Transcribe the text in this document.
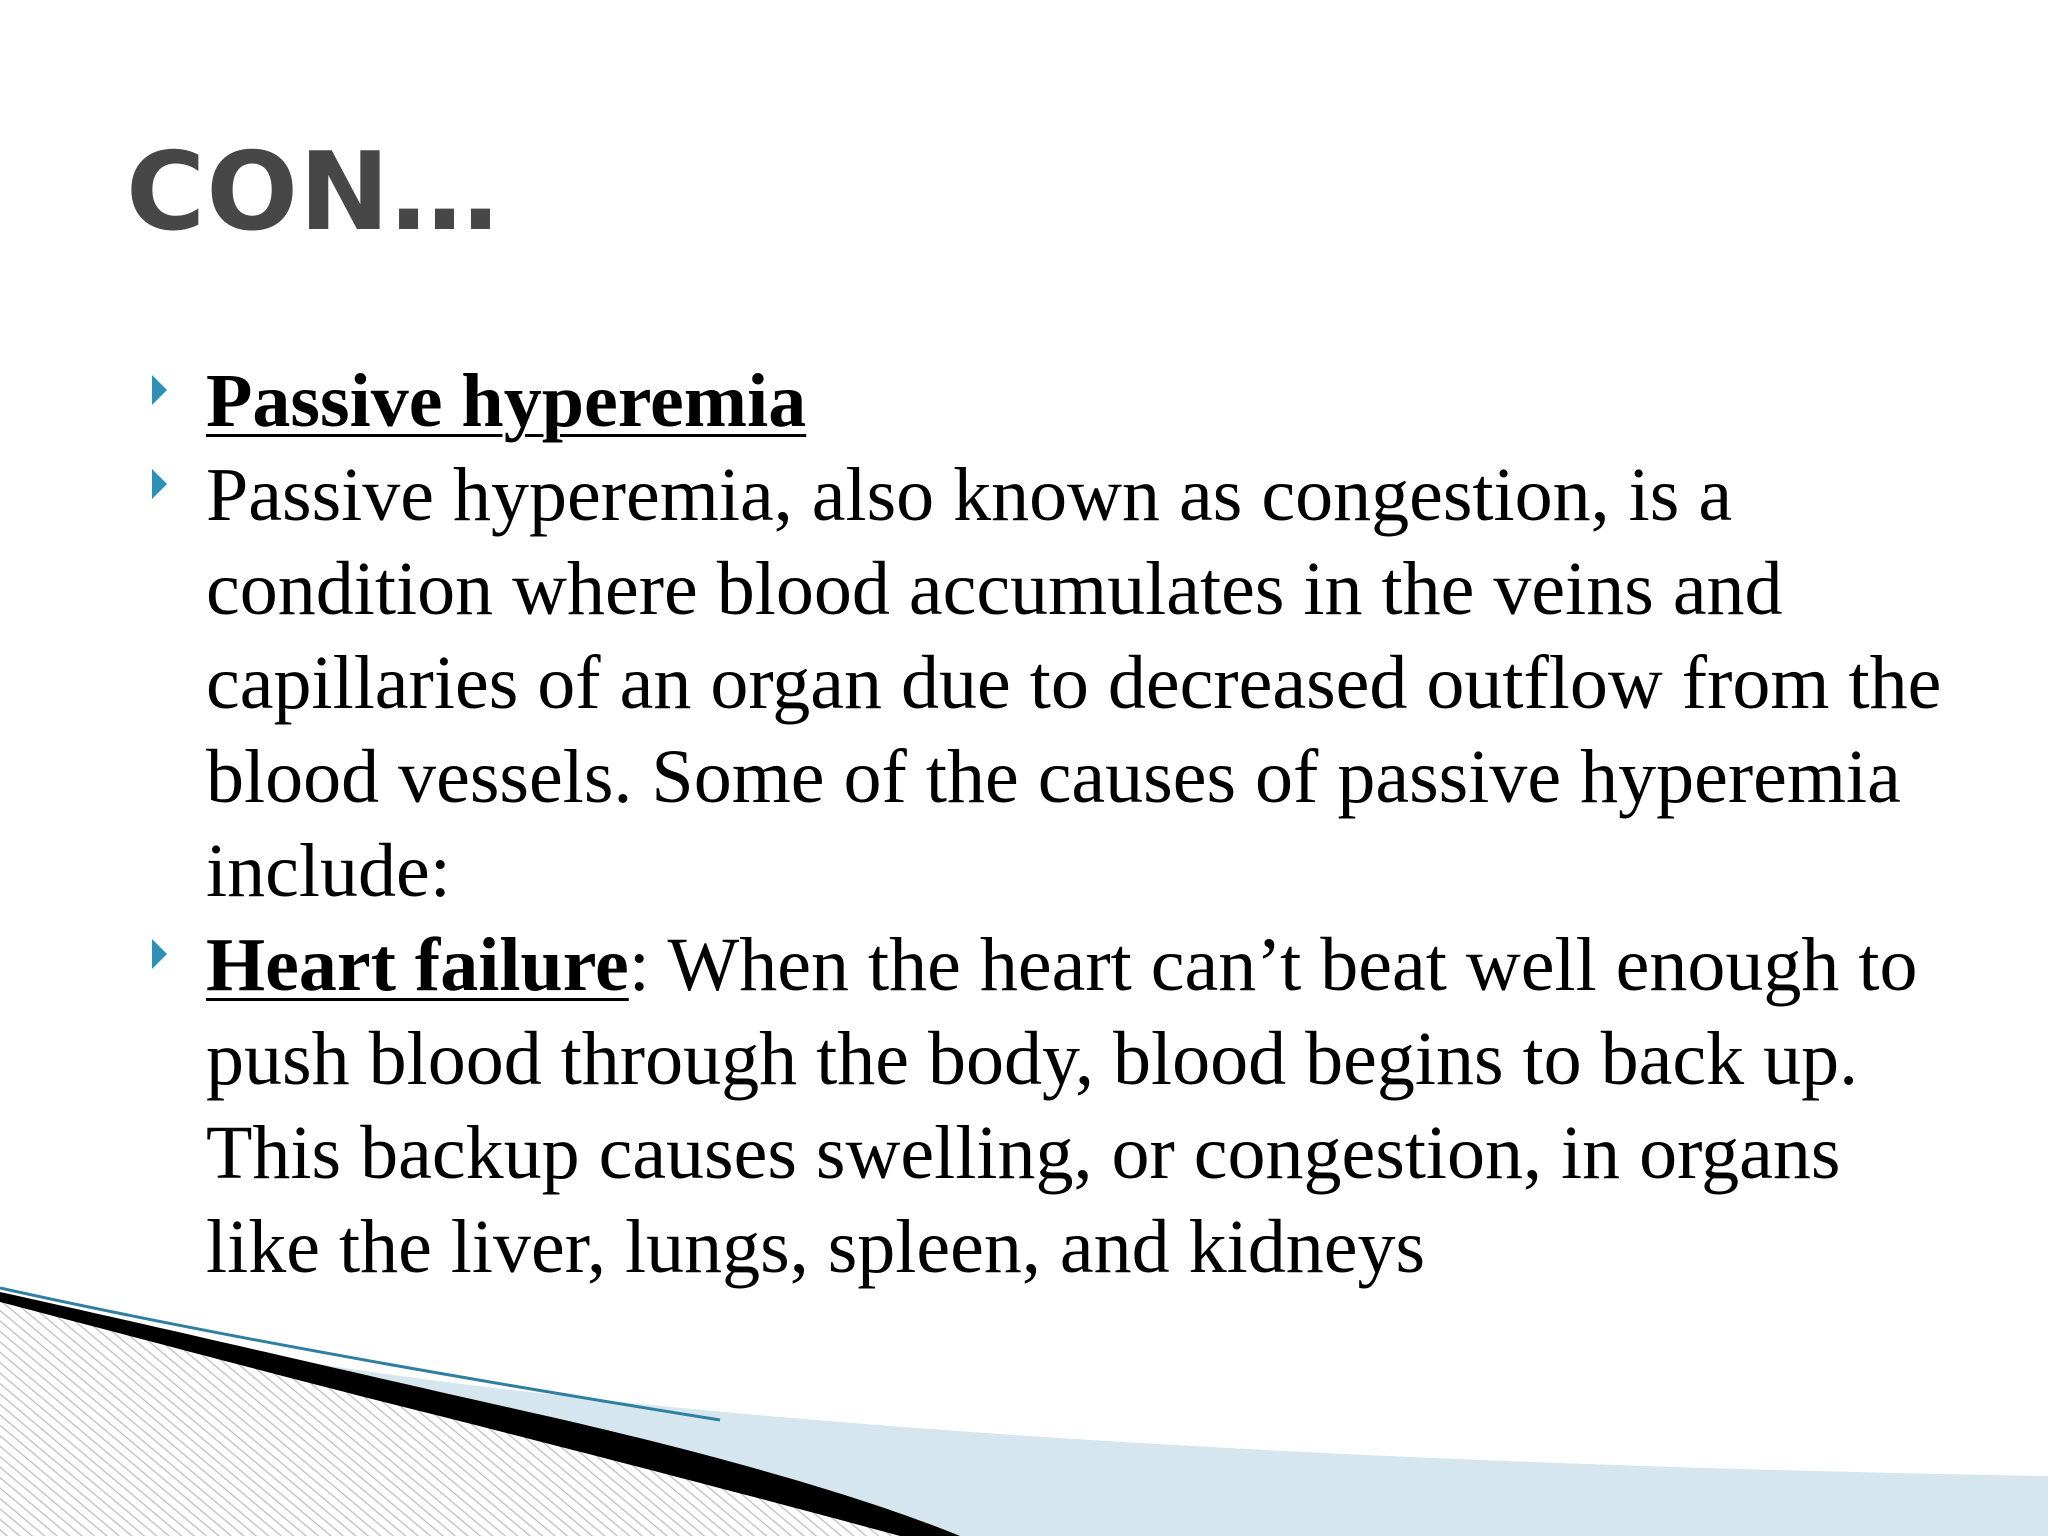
CON…
Passive hyperemia
Passive hyperemia, also known as congestion, is a condition where blood accumulates in the veins and capillaries of an organ due to decreased outflow from the blood vessels. Some of the causes of passive hyperemia include:
Heart failure: When the heart can’t beat well enough to push blood through the body, blood begins to back up. This backup causes swelling, or congestion, in organs like the liver, lungs, spleen, and kidneys
